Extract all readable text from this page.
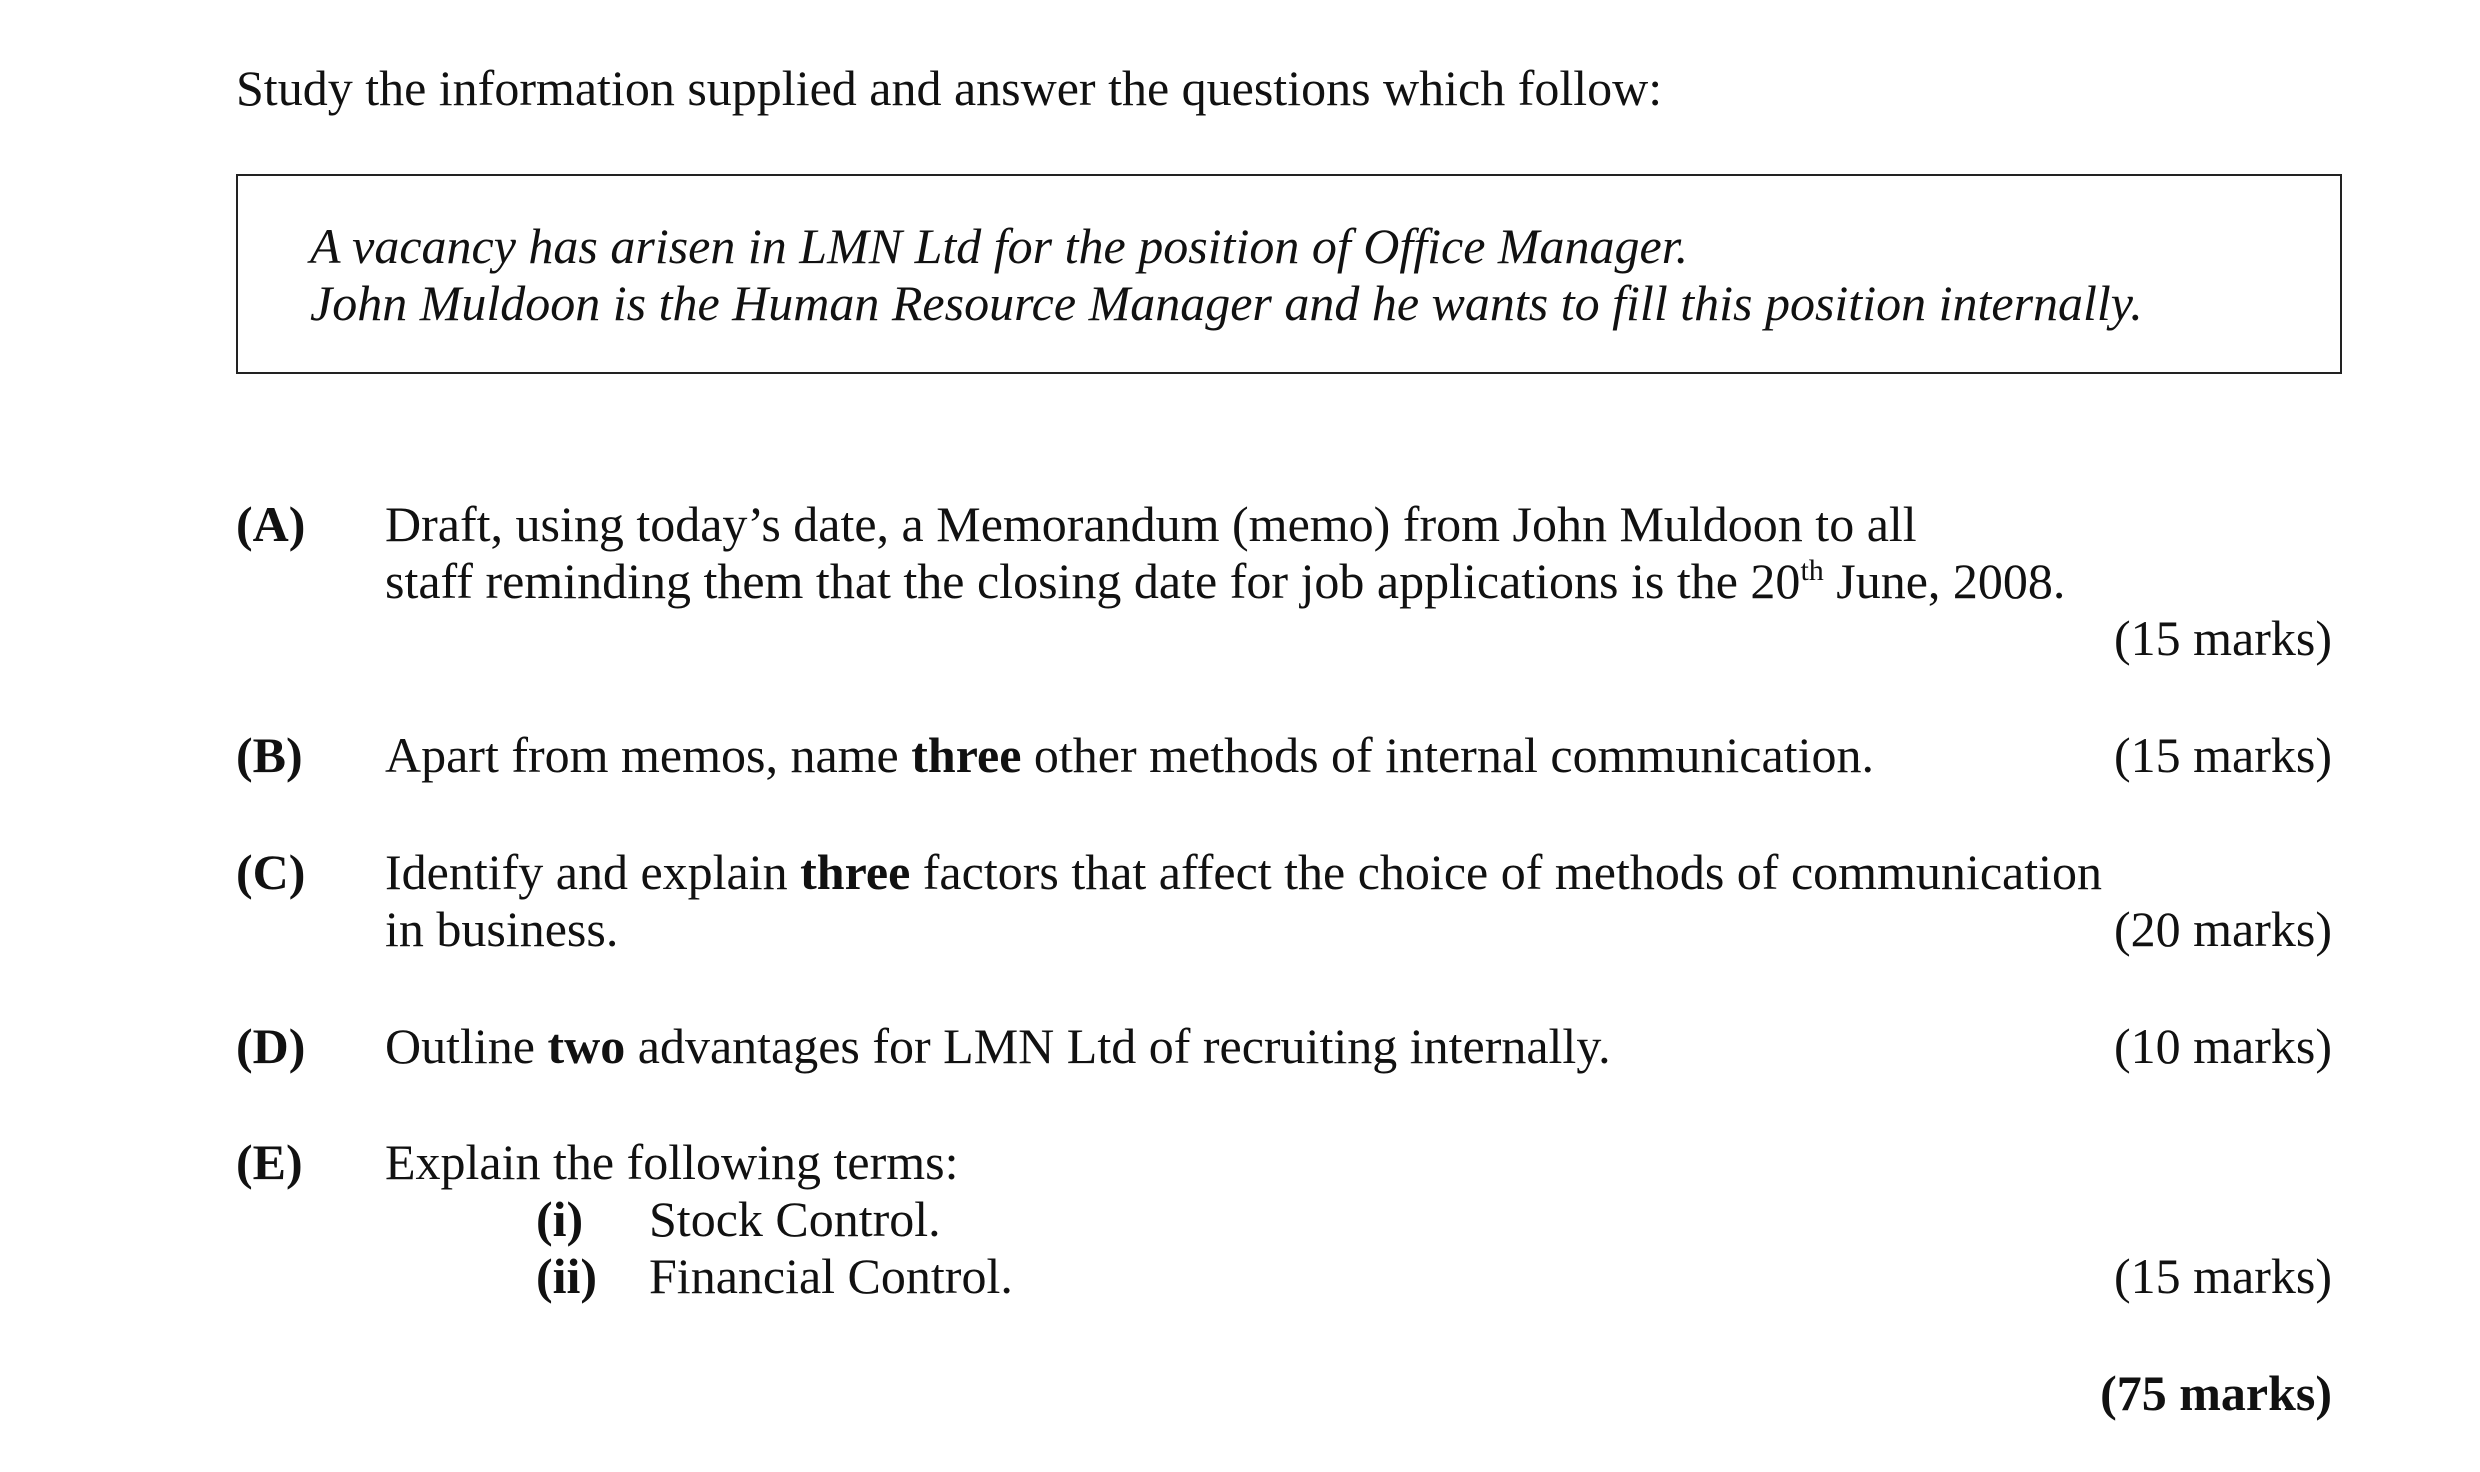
Study the information supplied and answer the questions which follow:
A vacancy has arisen in LMN Ltd for the position of Office Manager.
John Muldoon is the Human Resource Manager and he wants to fill this position internally.
(A) Draft, using today’s date, a Memorandum (memo) from John Muldoon to all
staff reminding them that the closing date for job applications is the 20th June, 2008.
(15 marks)
(B) Apart from memos, name three other methods of internal communication.	(15 marks)
(C) Identify and explain three factors that affect the choice of methods of communication
in business.	(20 marks)
(D) Outline two advantages for LMN Ltd of recruiting internally.	(10 marks)
(E) Explain the following terms:
(i) Stock Control.
(ii) Financial Control.	(15 marks)
(75 marks)
